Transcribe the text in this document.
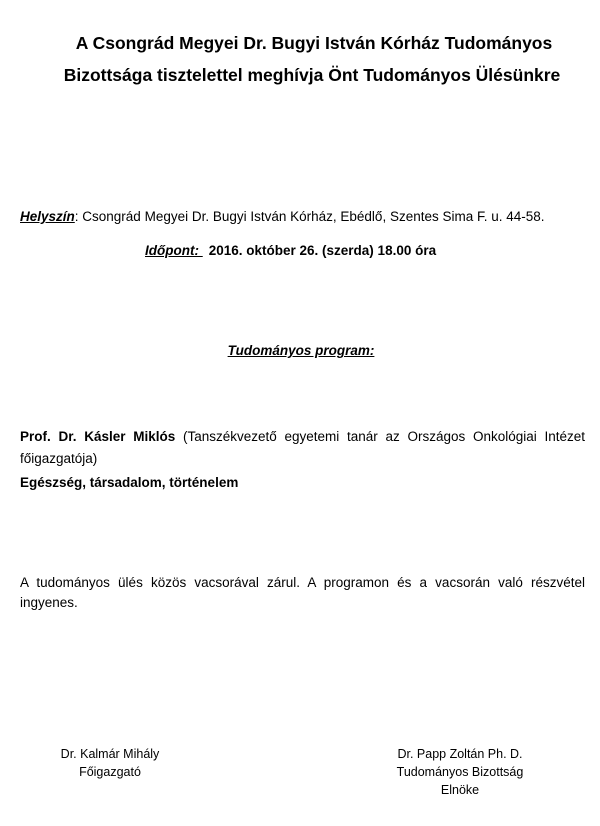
A Csongrád Megyei Dr. Bugyi István Kórház Tudományos
Bizottsága tisztelettel meghívja Önt Tudományos Ülésünkre
Helyszín: Csongrád Megyei Dr. Bugyi István Kórház, Ebédlő, Szentes Sima F. u. 44-58.
Időpont: 2016. október 26. (szerda) 18.00 óra
Tudományos program:
Prof. Dr. Kásler Miklós (Tanszékvezető egyetemi tanár az Országos Onkológiai Intézet főigazgatója)
Egészség, társadalom, történelem
A tudományos ülés közös vacsorával zárul. A programon és a vacsorán való részvétel ingyenes.
Dr. Kalmár Mihály
Főigazgató
Dr. Papp Zoltán Ph. D.
Tudományos Bizottság
Elnöke
